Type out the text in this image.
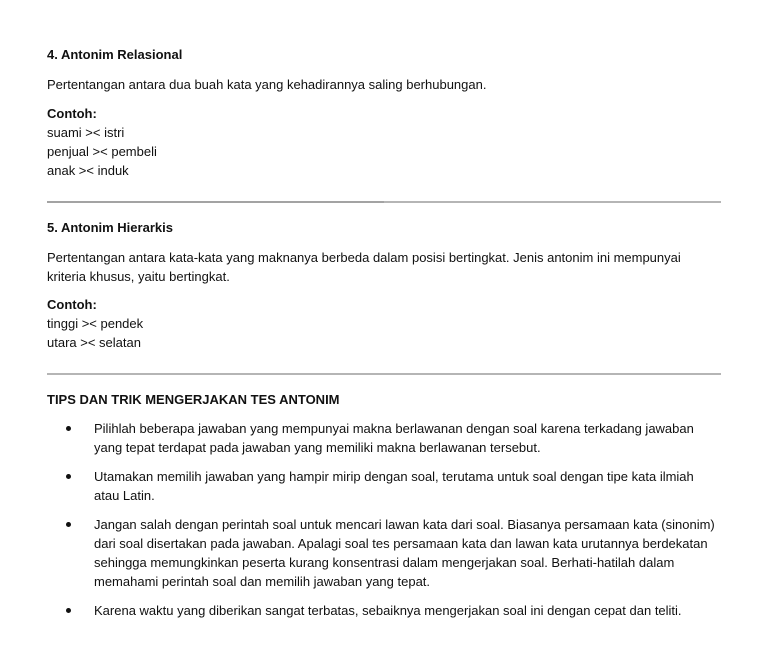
4. Antonim Relasional

Pertentangan antara dua buah kata yang kehadirannya saling berhubungan.

Contoh:
suami >< istri
penjual >< pembeli
anak >< induk
5. Antonim Hierarkis

Pertentangan antara kata-kata yang maknanya berbeda dalam posisi bertingkat. Jenis antonim ini mempunyai kriteria khusus, yaitu bertingkat.

Contoh:
tinggi >< pendek
utara >< selatan
TIPS DAN TRIK MENGERJAKAN TES ANTONIM
Pilihlah beberapa jawaban yang mempunyai makna berlawanan dengan soal karena terkadang jawaban yang tepat terdapat pada jawaban yang memiliki makna berlawanan tersebut.
Utamakan memilih jawaban yang hampir mirip dengan soal, terutama untuk soal dengan tipe kata ilmiah atau Latin.
Jangan salah dengan perintah soal untuk mencari lawan kata dari soal. Biasanya persamaan kata (sinonim) dari soal disertakan pada jawaban. Apalagi soal tes persamaan kata dan lawan kata urutannya berdekatan sehingga memungkinkan peserta kurang konsentrasi dalam mengerjakan soal. Berhati-hatilah dalam memahami perintah soal dan memilih jawaban yang tepat.
Karena waktu yang diberikan sangat terbatas, sebaiknya mengerjakan soal ini dengan cepat dan teliti.
